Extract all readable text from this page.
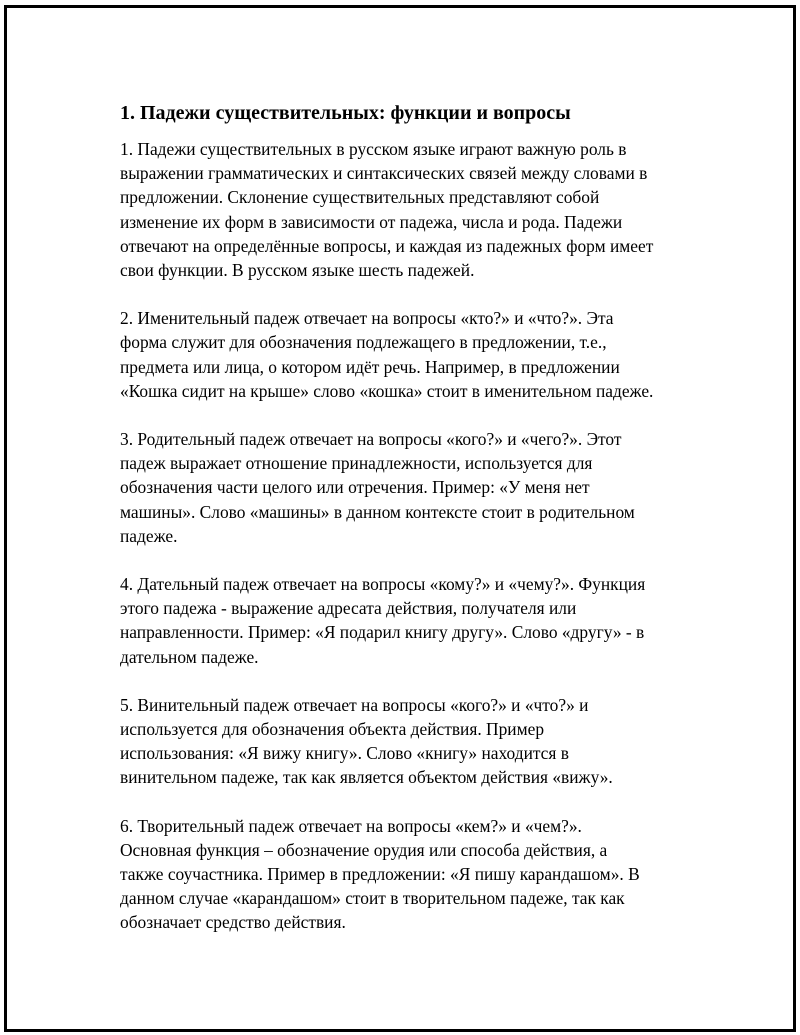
1. Падежи существительных: функции и вопросы
1. Падежи существительных в русском языке играют важную роль в
выражении грамматических и синтаксических связей между словами в
предложении. Склонение существительных представляют собой
изменение их форм в зависимости от падежа, числа и рода. Падежи
отвечают на определённые вопросы, и каждая из падежных форм имеет
свои функции. В русском языке шесть падежей.
2. Именительный падеж отвечает на вопросы «кто?» и «что?». Эта
форма служит для обозначения подлежащего в предложении, т.е.,
предмета или лица, о котором идёт речь. Например, в предложении
«Кошка сидит на крыше» слово «кошка» стоит в именительном падеже.
3. Родительный падеж отвечает на вопросы «кого?» и «чего?». Этот
падеж выражает отношение принадлежности, используется для
обозначения части целого или отречения. Пример: «У меня нет
машины». Слово «машины» в данном контексте стоит в родительном
падеже.
4. Дательный падеж отвечает на вопросы «кому?» и «чему?». Функция
этого падежа - выражение адресата действия, получателя или
направленности. Пример: «Я подарил книгу другу». Слово «другу» - в
дательном падеже.
5. Винительный падеж отвечает на вопросы «кого?» и «что?» и
используется для обозначения объекта действия. Пример
использования: «Я вижу книгу». Слово «книгу» находится в
винительном падеже, так как является объектом действия «вижу».
6. Творительный падеж отвечает на вопросы «кем?» и «чем?».
Основная функция – обозначение орудия или способа действия, а
также соучастника. Пример в предложении: «Я пишу карандашом». В
данном случае «карандашом» стоит в творительном падеже, так как
обозначает средство действия.
